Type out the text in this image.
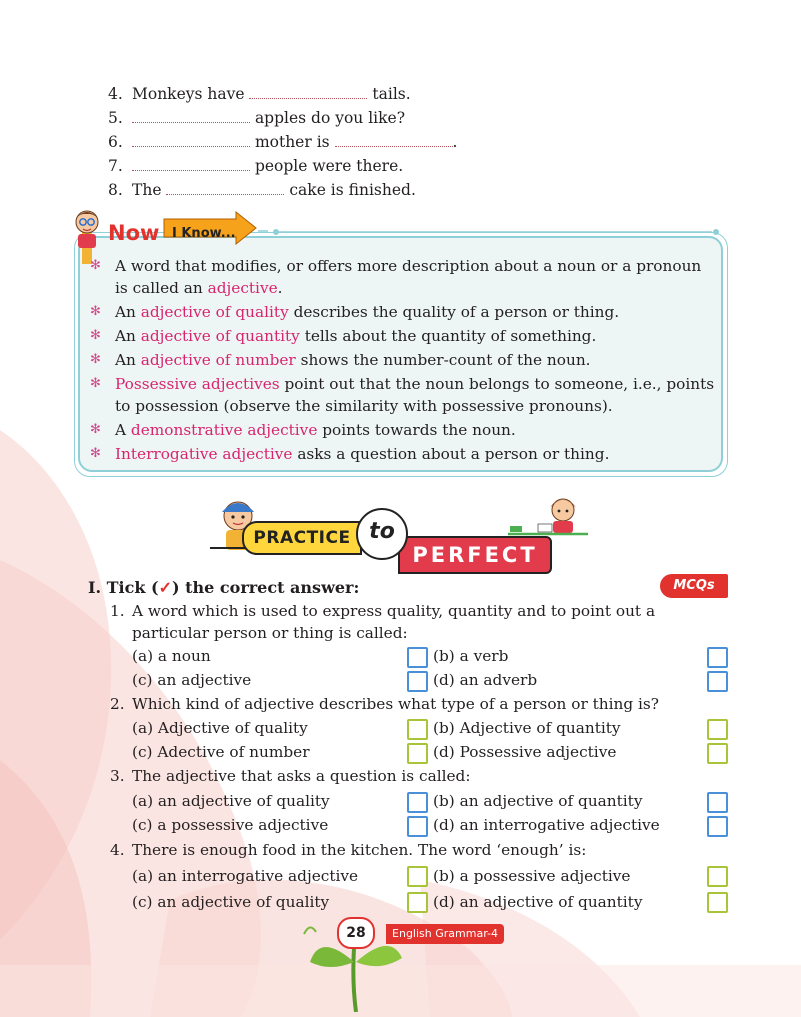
4. Monkeys have	tails.
5.	apples do you like?
6.	mother is	.
7.	people were there.
8. The	cake is finished.
Now I Know...
✻ A word that modifies, or offers more description about a noun or a pronoun is called an adjective.
✻ An adjective of quality describes the quality of a person or thing.
✻ An adjective of quantity tells about the quantity of something.
✻ An adjective of number shows the number-count of the noun.
✻ Possessive adjectives point out that the noun belongs to someone, i.e., points to possession (observe the similarity with possessive pronouns).
✻ A demonstrative adjective points towards the noun.
✻ Interrogative adjective asks a question about a person or thing.
PRACTICE
PERFECT
to
I. Tick (✓) the correct answer:	MCQs
1. A word which is used to express quality, quantity and to point out a particular person or thing is called:
(a) a noun	(b) a verb
(c) an adjective	(d) an adverb
2. Which kind of adjective describes what type of a person or thing is?
(a) Adjective of quality	(b) Adjective of quantity
(c) Adective of number	(d) Possessive adjective
3. The adjective that asks a question is called:
(a) an adjective of quality	(b) an adjective of quantity
(c) a possessive adjective	(d) an interrogative adjective
4. There is enough food in the kitchen. The word ‘enough’ is:
(a) an interrogative adjective	(b) a possessive adjective
(c) an adjective of quality	(d) an adjective of quantity
28	English Grammar-4
